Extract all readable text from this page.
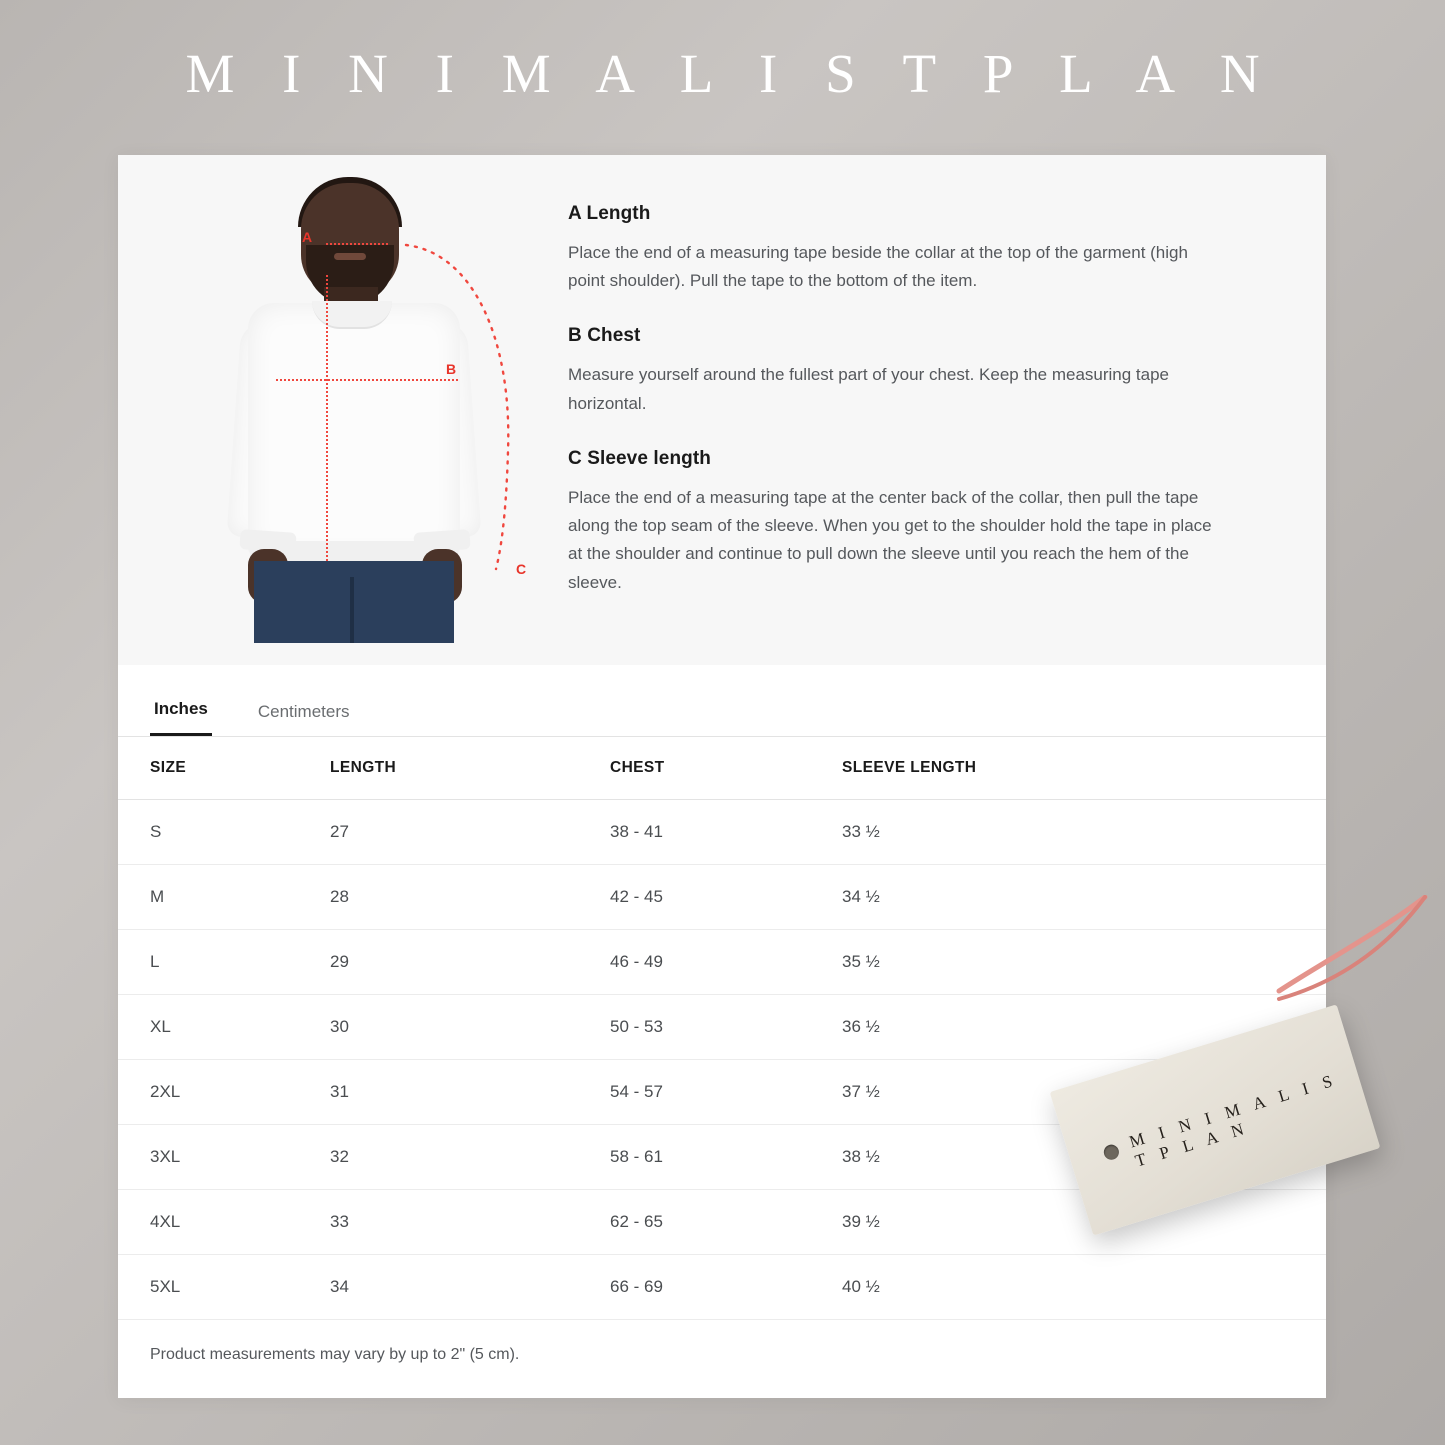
M I N I M A L I S T P L A N
A
B
C
A Length

Place the end of a measuring tape beside the collar at the top of the garment (high point shoulder). Pull the tape to the bottom of the item.

B Chest

Measure yourself around the fullest part of your chest. Keep the measuring tape horizontal.

C Sleeve length

Place the end of a measuring tape at the center back of the collar, then pull the tape along the top seam of the sleeve. When you get to the shoulder hold the tape in place at the shoulder and continue to pull down the sleeve until you reach the hem of the sleeve.

Inches	Centimeters
SIZE	LENGTH	CHEST	SLEEVE LENGTH
S	27	38 - 41	33 ½
M	28	42 - 45	34 ½
L	29	46 - 49	35 ½
XL	30	50 - 53	36 ½
2XL	31	54 - 57	37 ½
3XL	32	58 - 61	38 ½
4XL	33	62 - 65	39 ½
5XL	34	66 - 69	40 ½
Product measurements may vary by up to 2" (5 cm).
M I N I M A L I S T P L A N
